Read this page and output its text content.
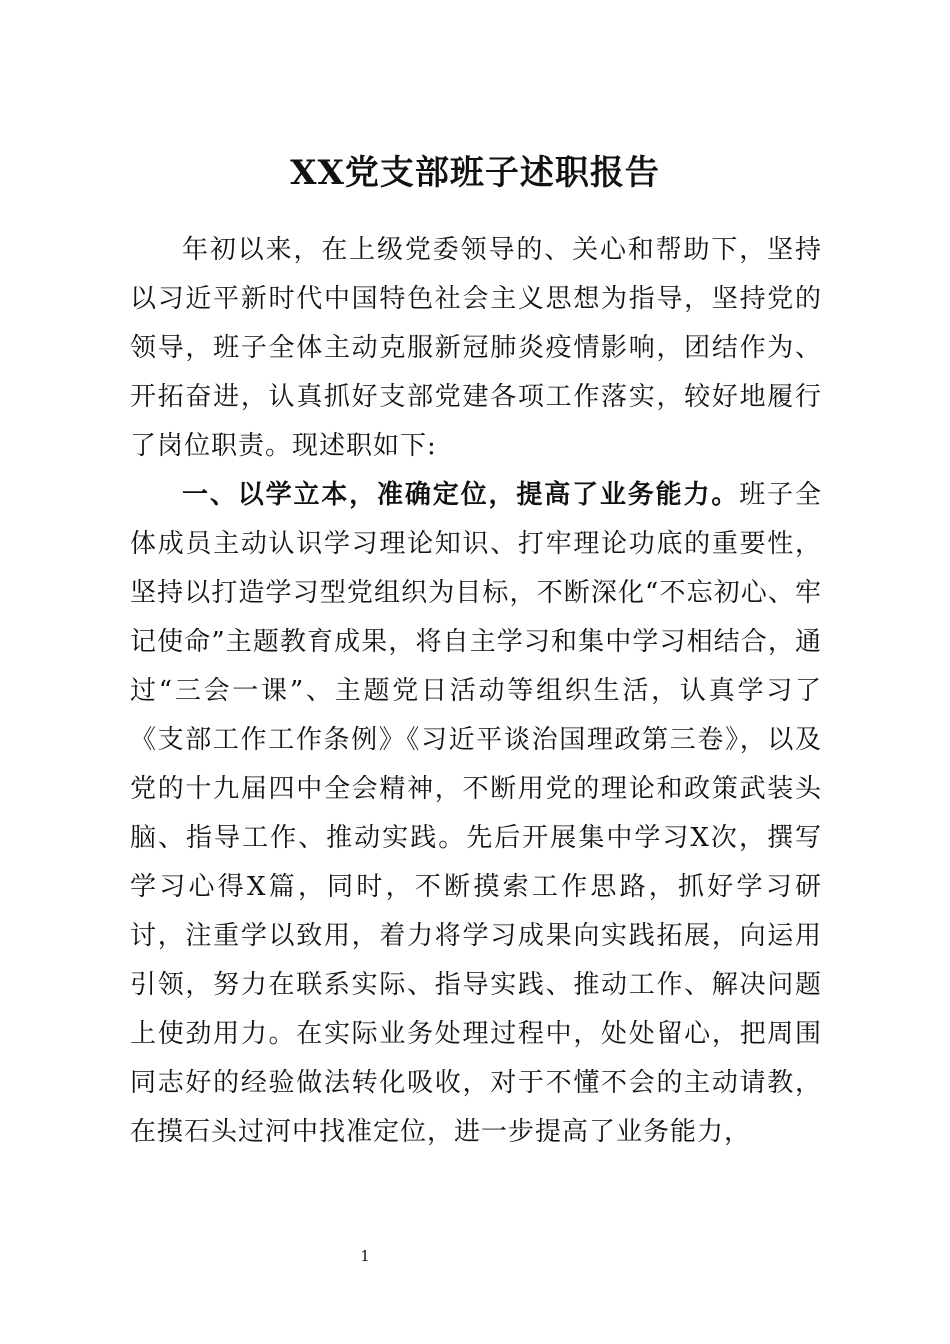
XX党支部班子述职报告

年初以来，在上级党委领导的、关心和帮助下，坚持以习近平新时代中国特色社会主义思想为指导，坚持党的领导，班子全体主动克服新冠肺炎疫情影响，团结作为、开拓奋进，认真抓好支部党建各项工作落实，较好地履行了岗位职责。现述职如下:

一、以学立本，准确定位，提高了业务能力。班子全体成员主动认识学习理论知识、打牢理论功底的重要性，坚持以打造学习型党组织为目标，不断深化“不忘初心、牢记使命”主题教育成果，将自主学习和集中学习相结合，通过“三会一课”、主题党日活动等组织生活，认真学习了《支部工作工作条例》《习近平谈治国理政第三卷》，以及党的十九届四中全会精神，不断用党的理论和政策武装头脑、指导工作、推动实践。先后开展集中学习X次，撰写学习心得X篇，同时，不断摸索工作思路，抓好学习研讨，注重学以致用，着力将学习成果向实践拓展，向运用引领，努力在联系实际、指导实践、推动工作、解决问题上使劲用力。在实际业务处理过程中，处处留心，把周围同志好的经验做法转化吸收，对于不懂不会的主动请教，在摸石头过河中找准定位，进一步提高了业务能力，

1
